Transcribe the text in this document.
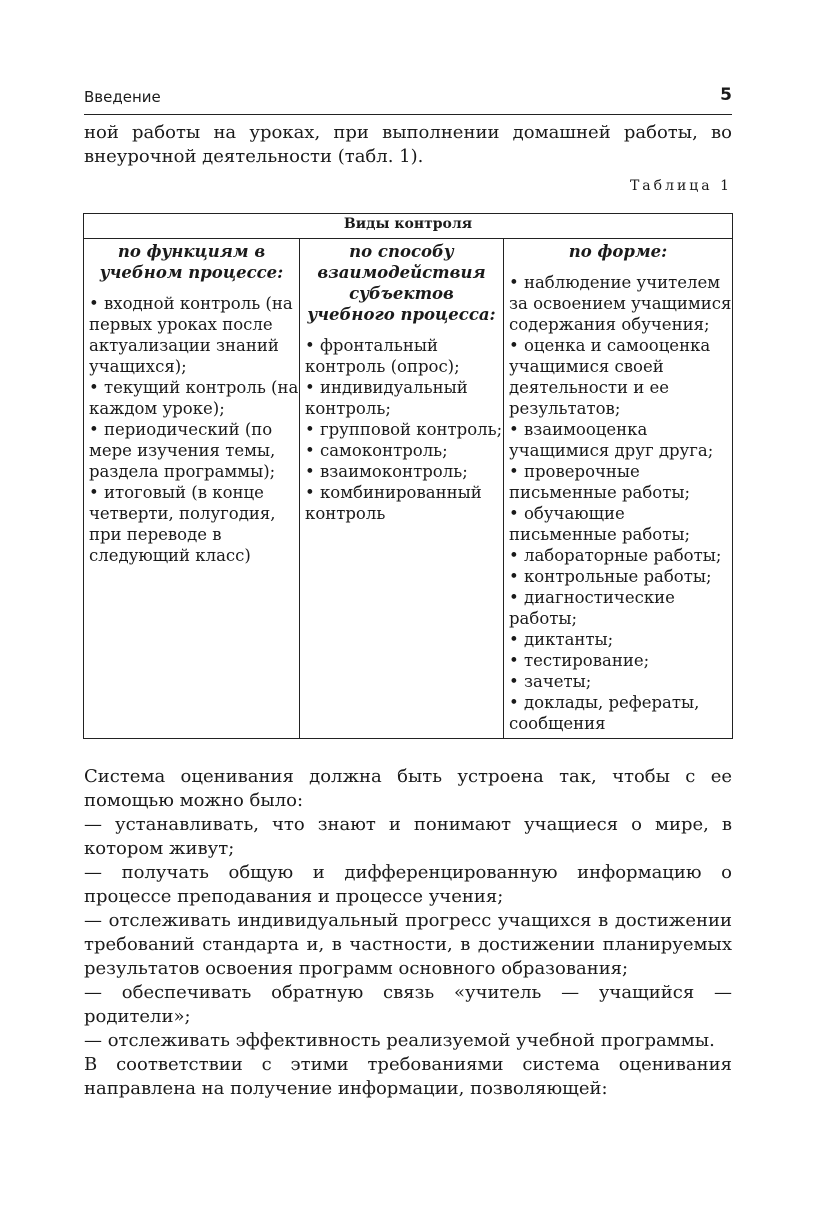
Введение	5

ной работы на уроках, при выполнении домашней работы, во внеурочной деятельности (табл. 1).

Таблица 1
Виды контроля

по функциям в учебном процессе:
• входной контроль (на первых уроках после актуализации знаний учащихся);
• текущий контроль (на каждом уроке);
• периодический (по мере изучения темы, раздела программы);
• итоговый (в конце четверти, полугодия, при переводе в следующий класс)

по способу взаимодействия субъектов учебного процесса:
• фронтальный контроль (опрос);
• индивидуальный контроль;
• групповой контроль;
• самоконтроль;
• взаимоконтроль;
• комбинированный контроль

по форме:
• наблюдение учителем за освоением учащимися содержания обучения;
• оценка и самооценка учащимися своей деятельности и ее результатов;
• взаимооценка учащимися друг друга;
• проверочные письменные работы;
• обучающие письменные работы;
• лабораторные работы;
• контрольные работы;
• диагностические работы;
• диктанты;
• тестирование;
• зачеты;
• доклады, рефераты, сообщения

Система оценивания должна быть устроена так, чтобы с ее помощью можно было:

— устанавливать, что знают и понимают учащиеся о мире, в котором живут;

— получать общую и дифференцированную информацию о процессе преподавания и процессе учения;

— отслеживать индивидуальный прогресс учащихся в достижении требований стандарта и, в частности, в достижении планируемых результатов освоения программ основного образования;

— обеспечивать обратную связь «учитель — учащийся — родители»;

— отслеживать эффективность реализуемой учебной программы.

В соответствии с этими требованиями система оценивания направлена на получение информации, позволяющей:
